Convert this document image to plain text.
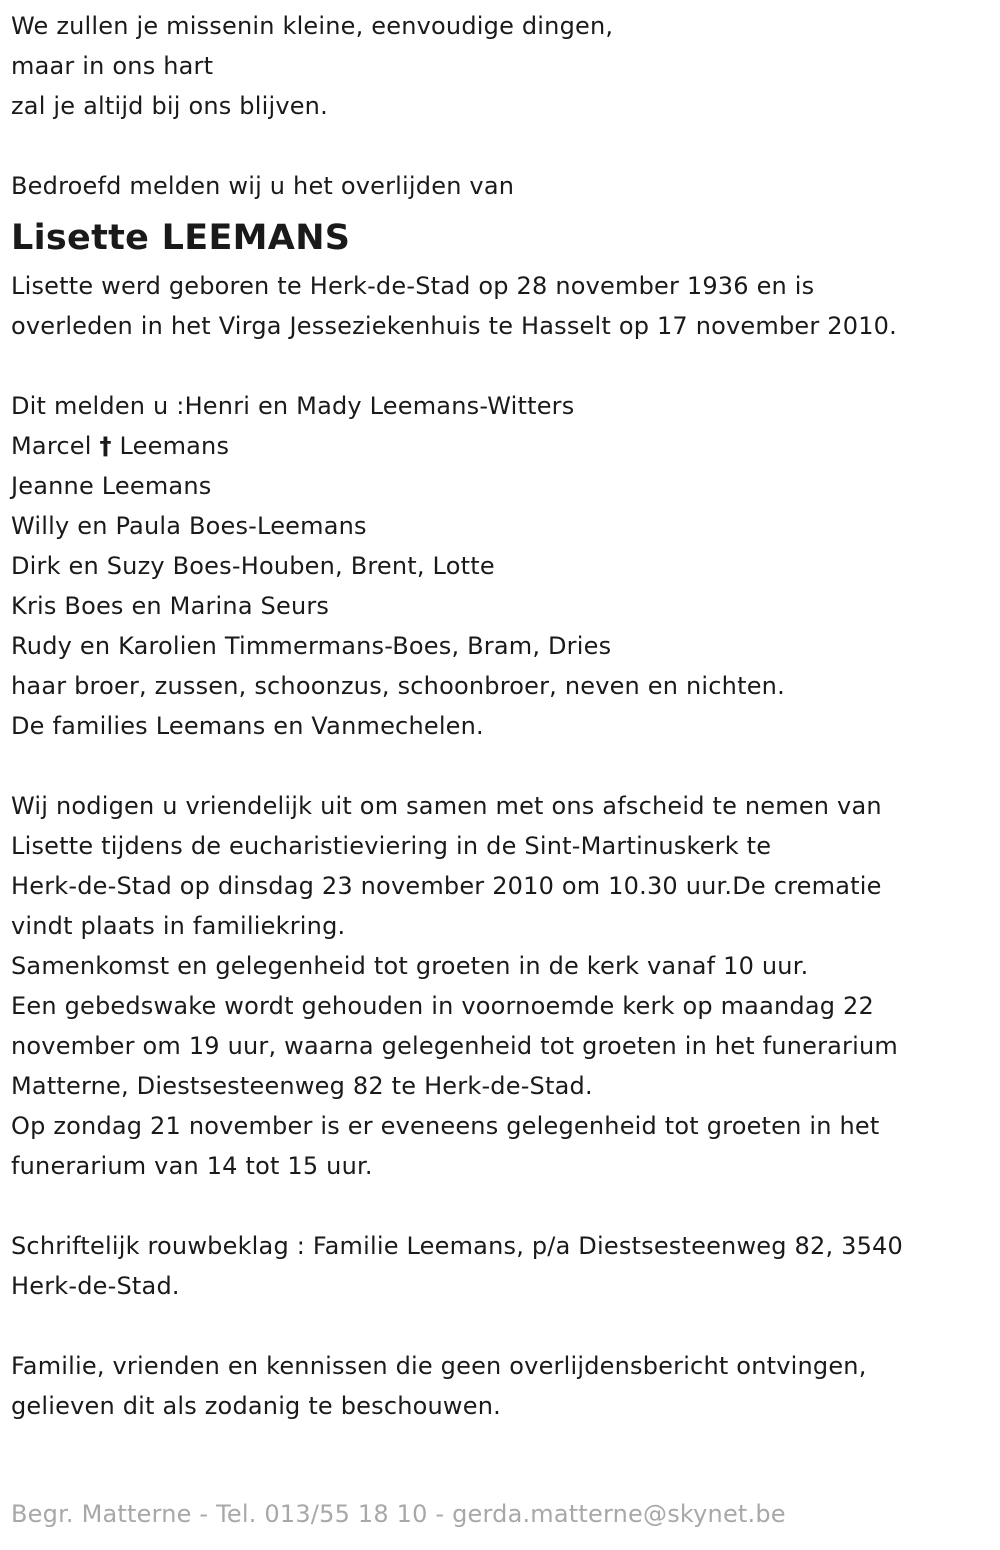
We zullen je missenin kleine, eenvoudige dingen,
maar in ons hart
zal je altijd bij ons blijven.
Bedroefd melden wij u het overlijden van
Lisette LEEMANS
Lisette werd geboren te Herk-de-Stad op 28 november 1936 en is
overleden in het Virga Jesseziekenhuis te Hasselt op 17 november 2010.
Dit melden u :Henri en Mady Leemans-Witters
Marcel † Leemans
Jeanne Leemans
Willy en Paula Boes-Leemans
Dirk en Suzy Boes-Houben, Brent, Lotte
Kris Boes en Marina Seurs
Rudy en Karolien Timmermans-Boes, Bram, Dries
haar broer, zussen, schoonzus, schoonbroer, neven en nichten.
De families Leemans en Vanmechelen.
Wij nodigen u vriendelijk uit om samen met ons afscheid te nemen van
Lisette tijdens de eucharistieviering in de Sint-Martinuskerk te
Herk-de-Stad op dinsdag 23 november 2010 om 10.30 uur.De crematie
vindt plaats in familiekring.
Samenkomst en gelegenheid tot groeten in de kerk vanaf 10 uur.
Een gebedswake wordt gehouden in voornoemde kerk op maandag 22
november om 19 uur, waarna gelegenheid tot groeten in het funerarium
Matterne, Diestsesteenweg 82 te Herk-de-Stad.
Op zondag 21 november is er eveneens gelegenheid tot groeten in het
funerarium van 14 tot 15 uur.
Schriftelijk rouwbeklag : Familie Leemans, p/a Diestsesteenweg 82, 3540
Herk-de-Stad.
Familie, vrienden en kennissen die geen overlijdensbericht ontvingen,
gelieven dit als zodanig te beschouwen.
Begr. Matterne - Tel. 013/55 18 10 - gerda.matterne@skynet.be
